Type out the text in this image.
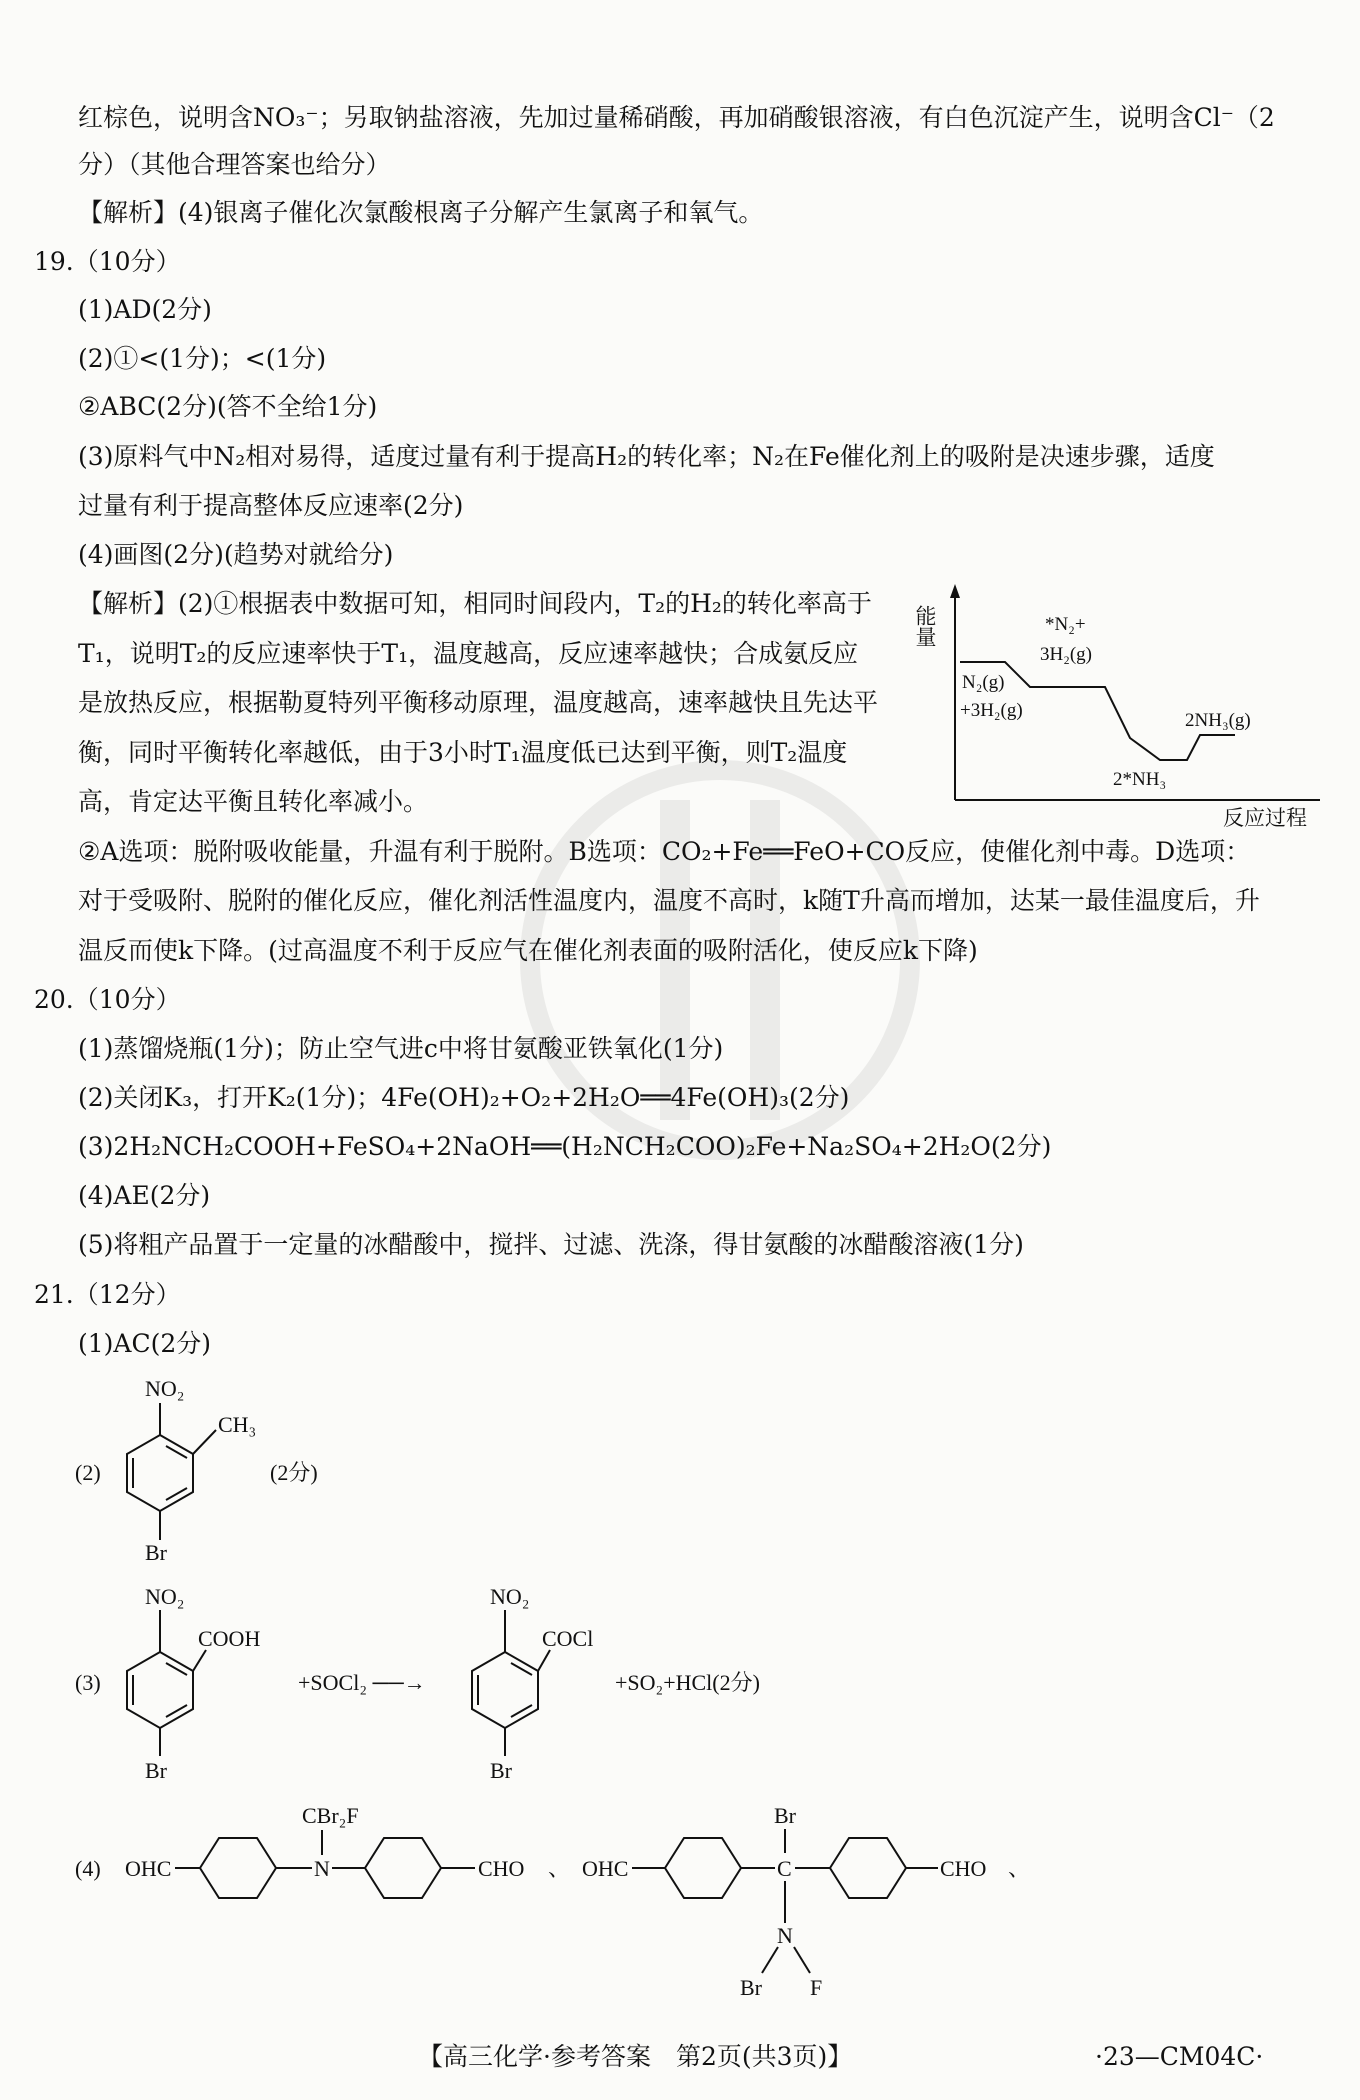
红棕色，说明含NO₃⁻；另取钠盐溶液，先加过量稀硝酸，再加硝酸银溶液，有白色沉淀产生，说明含Cl⁻（2
分）（其他合理答案也给分）
【解析】(4)银离子催化次氯酸根离子分解产生氯离子和氧气。
19.（10分）
(1)AD(2分)
(2)①<(1分)；<(1分)
②ABC(2分)(答不全给1分)
(3)原料气中N₂相对易得，适度过量有利于提高H₂的转化率；N₂在Fe催化剂上的吸附是决速步骤，适度
过量有利于提高整体反应速率(2分)
(4)画图(2分)(趋势对就给分)
【解析】(2)①根据表中数据可知，相同时间段内，T₂的H₂的转化率高于
T₁，说明T₂的反应速率快于T₁，温度越高，反应速率越快；合成氨反应
是放热反应，根据勒夏特列平衡移动原理，温度越高，速率越快且先达平
衡，同时平衡转化率越低，由于3小时T₁温度低已达到平衡，则T₂温度
高，肯定达平衡且转化率减小。
能量
反应过程
N₂(g)
+3H₂(g)
*N₂+
3H₂(g)
2*NH₃
2NH₃(g)
②A选项：脱附吸收能量，升温有利于脱附。B选项：CO₂+Fe══FeO+CO反应，使催化剂中毒。D选项：
对于受吸附、脱附的催化反应，催化剂活性温度内，温度不高时，k随T升高而增加，达某一最佳温度后，升
温反而使k下降。(过高温度不利于反应气在催化剂表面的吸附活化，使反应k下降)
20.（10分）
(1)蒸馏烧瓶(1分)；防止空气进c中将甘氨酸亚铁氧化(1分)
(2)关闭K₃，打开K₂(1分)；4Fe(OH)₂+O₂+2H₂O══4Fe(OH)₃(2分)
(3)2H₂NCH₂COOH+FeSO₄+2NaOH══(H₂NCH₂COO)₂Fe+Na₂SO₄+2H₂O(2分)
(4)AE(2分)
(5)将粗产品置于一定量的冰醋酸中，搅拌、过滤、洗涤，得甘氨酸的冰醋酸溶液(1分)
21.（12分）
(1)AC(2分)
(2)
NO₂
CH₃
Br
(2分)
(3)
NO₂
COOH
Br
+SOCl₂ ──→
NO₂
COCl
Br
+SO₂+HCl(2分)
(4) OHC	N
CBr₂F
CHO 、 OHC	C
Br
CHO 、
N
Br F
【高三化学·参考答案　第2页(共3页)】	·23—CM04C·
